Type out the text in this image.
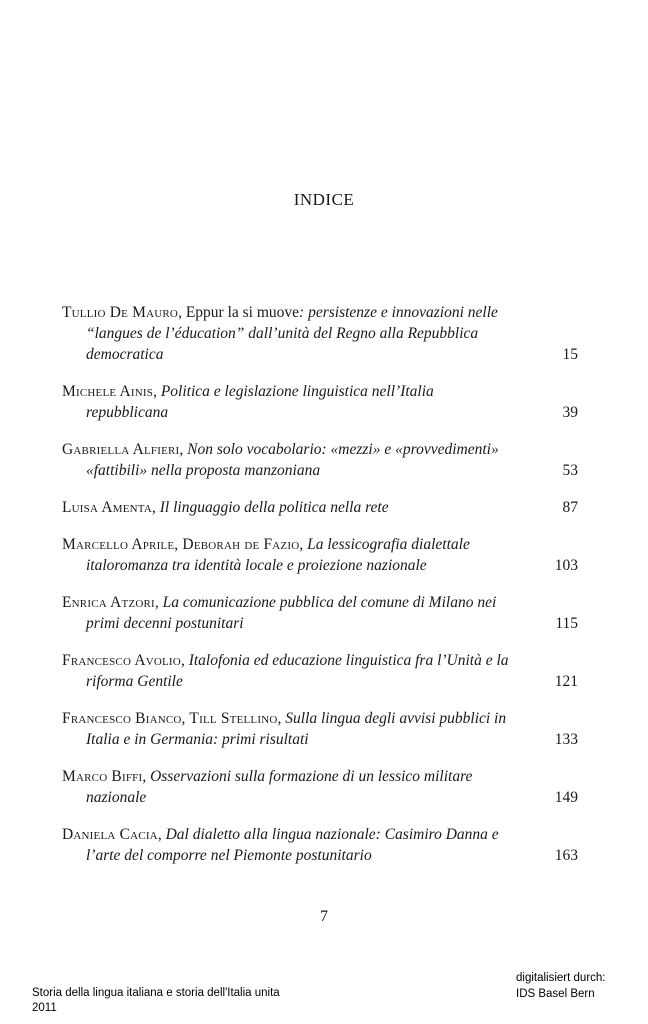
INDICE
Tullio De Mauro, Eppur la si muove: persistenze e innovazioni nelle “langues de l’éducation” dall’unità del Regno alla Repubblica democratica	15
Michele Ainis, Politica e legislazione linguistica nell’Italia repubblicana	39
Gabriella Alfieri, Non solo vocabolario: «mezzi» e «provvedimenti» «fattibili» nella proposta manzoniana	53
Luisa Amenta, Il linguaggio della politica nella rete	87
Marcello Aprile, Deborah de Fazio, La lessicografia dialettale italoromanza tra identità locale e proiezione nazionale	103
Enrica Atzori, La comunicazione pubblica del comune di Milano nei primi decenni postunitari	115
Francesco Avolio, Italofonia ed educazione linguistica fra l’Unità e la riforma Gentile	121
Francesco Bianco, Till Stellino, Sulla lingua degli avvisi pubblici in Italia e in Germania: primi risultati	133
Marco Biffi, Osservazioni sulla formazione di un lessico militare nazionale	149
Daniela Cacia, Dal dialetto alla lingua nazionale: Casimiro Danna e l’arte del comporre nel Piemonte postunitario	163
7
Storia della lingua italiana e storia dell'Italia unita
2011
digitalisiert durch:
IDS Basel Bern
